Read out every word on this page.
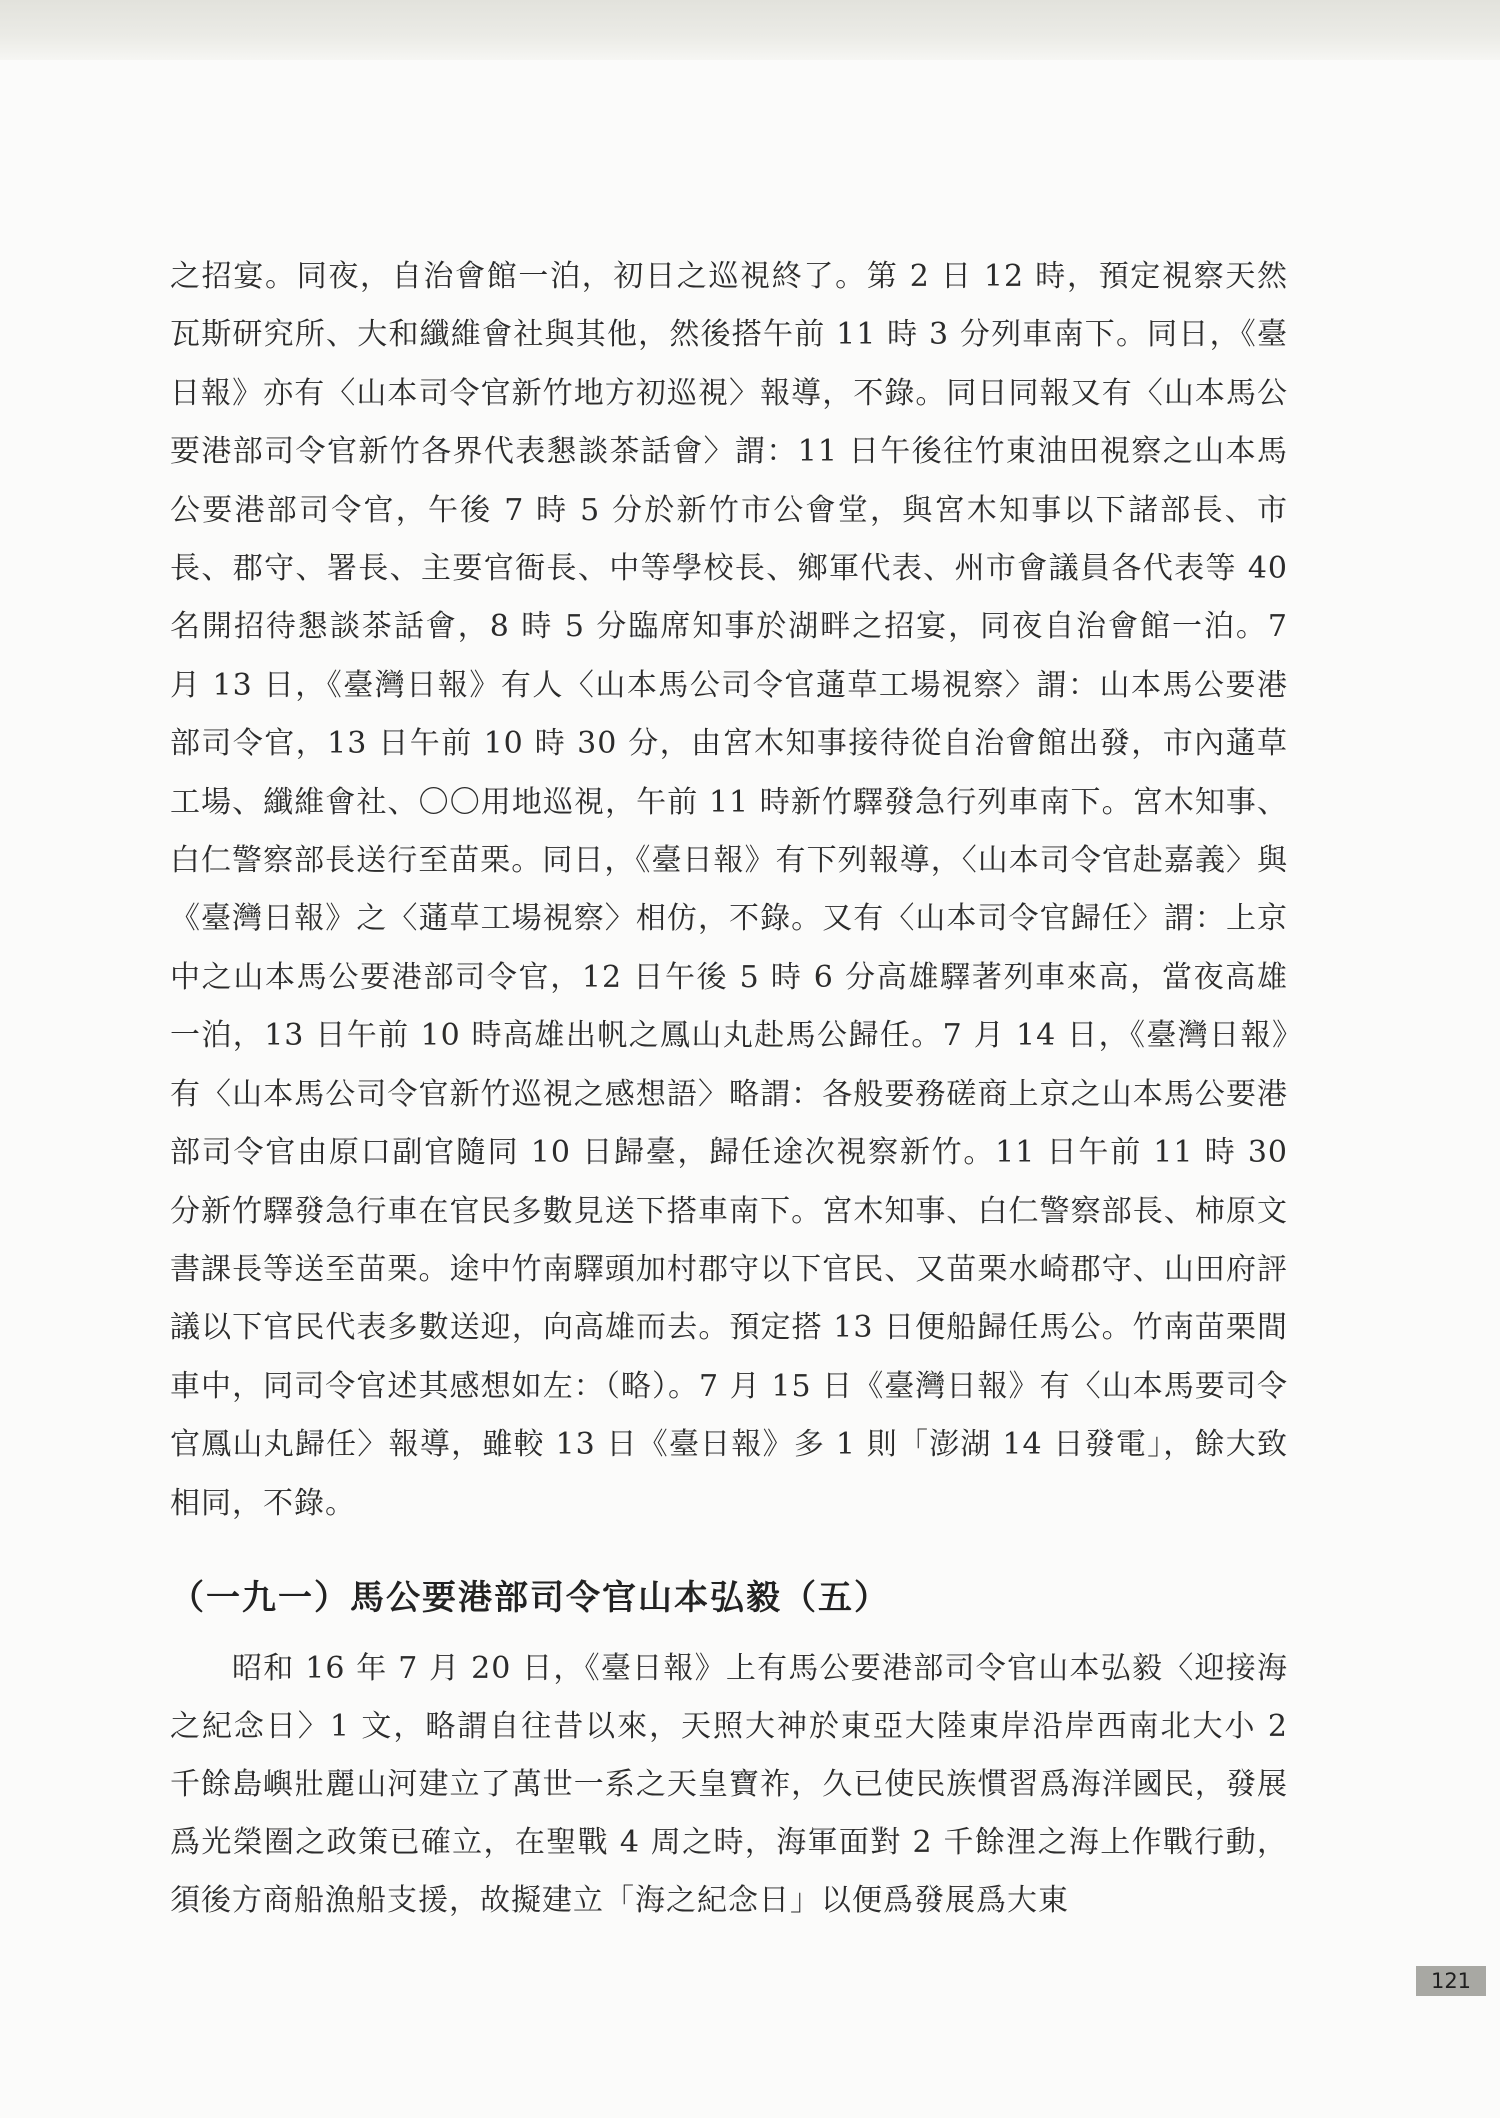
之招宴。同夜，自治會館一泊，初日之巡視終了。第 2 日 12 時，預定視察天然瓦斯研究所、大和纖維會社與其他，然後搭午前 11 時 3 分列車南下。同日，《臺日報》亦有〈山本司令官新竹地方初巡視〉報導，不錄。同日同報又有〈山本馬公要港部司令官新竹各界代表懇談茶話會〉謂：11 日午後往竹東油田視察之山本馬公要港部司令官，午後 7 時 5 分於新竹市公會堂，與宮木知事以下諸部長、市長、郡守、署長、主要官衙長、中等學校長、鄉軍代表、州市會議員各代表等 40 名開招待懇談茶話會，8 時 5 分臨席知事於湖畔之招宴，同夜自治會館一泊。7 月 13 日，《臺灣日報》有人〈山本馬公司令官蓪草工場視察〉謂：山本馬公要港部司令官，13 日午前 10 時 30 分，由宮木知事接待從自治會館出發，市內蓪草工場、纖維會社、〇〇用地巡視，午前 11 時新竹驛發急行列車南下。宮木知事、白仁警察部長送行至苗栗。同日，《臺日報》有下列報導，〈山本司令官赴嘉義〉與《臺灣日報》之〈蓪草工場視察〉相仿，不錄。又有〈山本司令官歸任〉謂：上京中之山本馬公要港部司令官，12 日午後 5 時 6 分高雄驛著列車來高，當夜高雄一泊，13 日午前 10 時高雄出帆之鳳山丸赴馬公歸任。7 月 14 日，《臺灣日報》有〈山本馬公司令官新竹巡視之感想語〉略謂：各般要務磋商上京之山本馬公要港部司令官由原口副官隨同 10 日歸臺，歸任途次視察新竹。11 日午前 11 時 30 分新竹驛發急行車在官民多數見送下搭車南下。宮木知事、白仁警察部長、柿原文書課長等送至苗栗。途中竹南驛頭加村郡守以下官民、又苗栗水崎郡守、山田府評議以下官民代表多數送迎，向高雄而去。預定搭 13 日便船歸任馬公。竹南苗栗間車中，同司令官述其感想如左：（略）。7 月 15 日《臺灣日報》有〈山本馬要司令官鳳山丸歸任〉報導，雖較 13 日《臺日報》多 1 則「澎湖 14 日發電」，餘大致相同，不錄。

（一九一）馬公要港部司令官山本弘毅（五）

昭和 16 年 7 月 20 日，《臺日報》上有馬公要港部司令官山本弘毅〈迎接海之紀念日〉1 文，略謂自往昔以來，天照大神於東亞大陸東岸沿岸西南北大小 2 千餘島嶼壯麗山河建立了萬世一系之天皇寶祚，久已使民族慣習爲海洋國民，發展爲光榮圈之政策已確立，在聖戰 4 周之時，海軍面對 2 千餘浬之海上作戰行動，須後方商船漁船支援，故擬建立「海之紀念日」以便爲發展爲大東

121
